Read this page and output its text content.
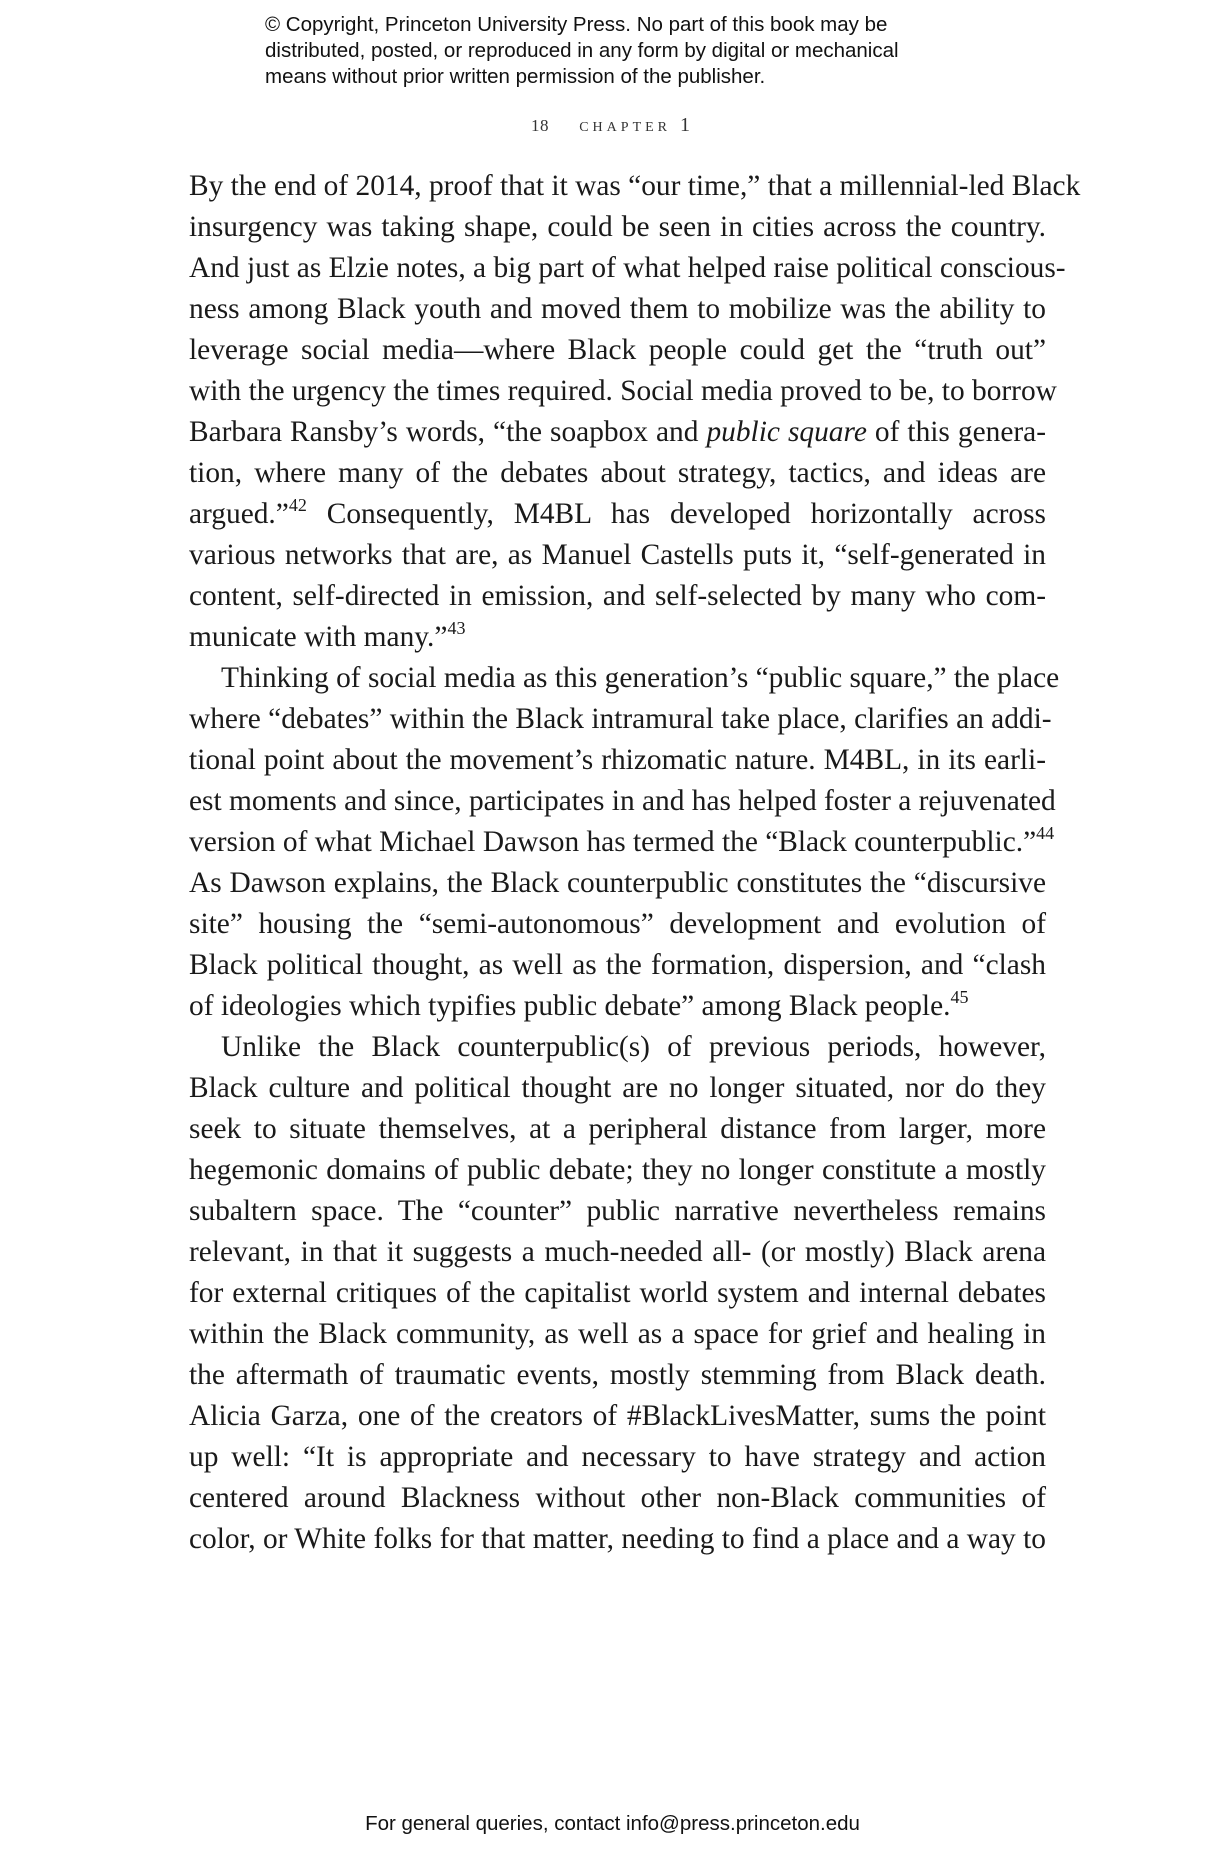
© Copyright, Princeton University Press. No part of this book may be
distributed, posted, or reproduced in any form by digital or mechanical
means without prior written permission of the publisher.
18 chapter 1
By the end of 2014, proof that it was “our time,” that a millennial-led Black
insurgency was taking shape, could be seen in cities across the country.
And just as Elzie notes, a big part of what helped raise political conscious-
ness among Black youth and moved them to mobilize was the ability to
leverage social media—where Black people could get the “truth out”
with the urgency the times required. Social media proved to be, to borrow
Barbara Ransby’s words, “the soapbox and public square of this genera-
tion, where many of the debates about strategy, tactics, and ideas are
argued.”$^{42}$ Consequently, M4BL has developed horizontally across
various networks that are, as Manuel Castells puts it, “self-generated in
content, self-directed in emission, and self-selected by many who com-
municate with many.”$^{43}$
Thinking of social media as this generation’s “public square,” the place
where “debates” within the Black intramural take place, clarifies an addi-
tional point about the movement’s rhizomatic nature. M4BL, in its earli-
est moments and since, participates in and has helped foster a rejuvenated
version of what Michael Dawson has termed the “Black counterpublic.”$^{44}$
As Dawson explains, the Black counterpublic constitutes the “discursive
site” housing the “semi-autonomous” development and evolution of
Black political thought, as well as the formation, dispersion, and “clash
of ideologies which typifies public debate” among Black people.$^{45}$
Unlike the Black counterpublic(s) of previous periods, however,
Black culture and political thought are no longer situated, nor do they
seek to situate themselves, at a peripheral distance from larger, more
hegemonic domains of public debate; they no longer constitute a mostly
subaltern space. The “counter” public narrative nevertheless remains
relevant, in that it suggests a much-needed all- (or mostly) Black arena
for external critiques of the capitalist world system and internal debates
within the Black community, as well as a space for grief and healing in
the aftermath of traumatic events, mostly stemming from Black death.
Alicia Garza, one of the creators of #BlackLivesMatter, sums the point
up well: “It is appropriate and necessary to have strategy and action
centered around Blackness without other non-Black communities of
color, or White folks for that matter, needing to find a place and a way to
For general queries, contact info@press.princeton.edu
